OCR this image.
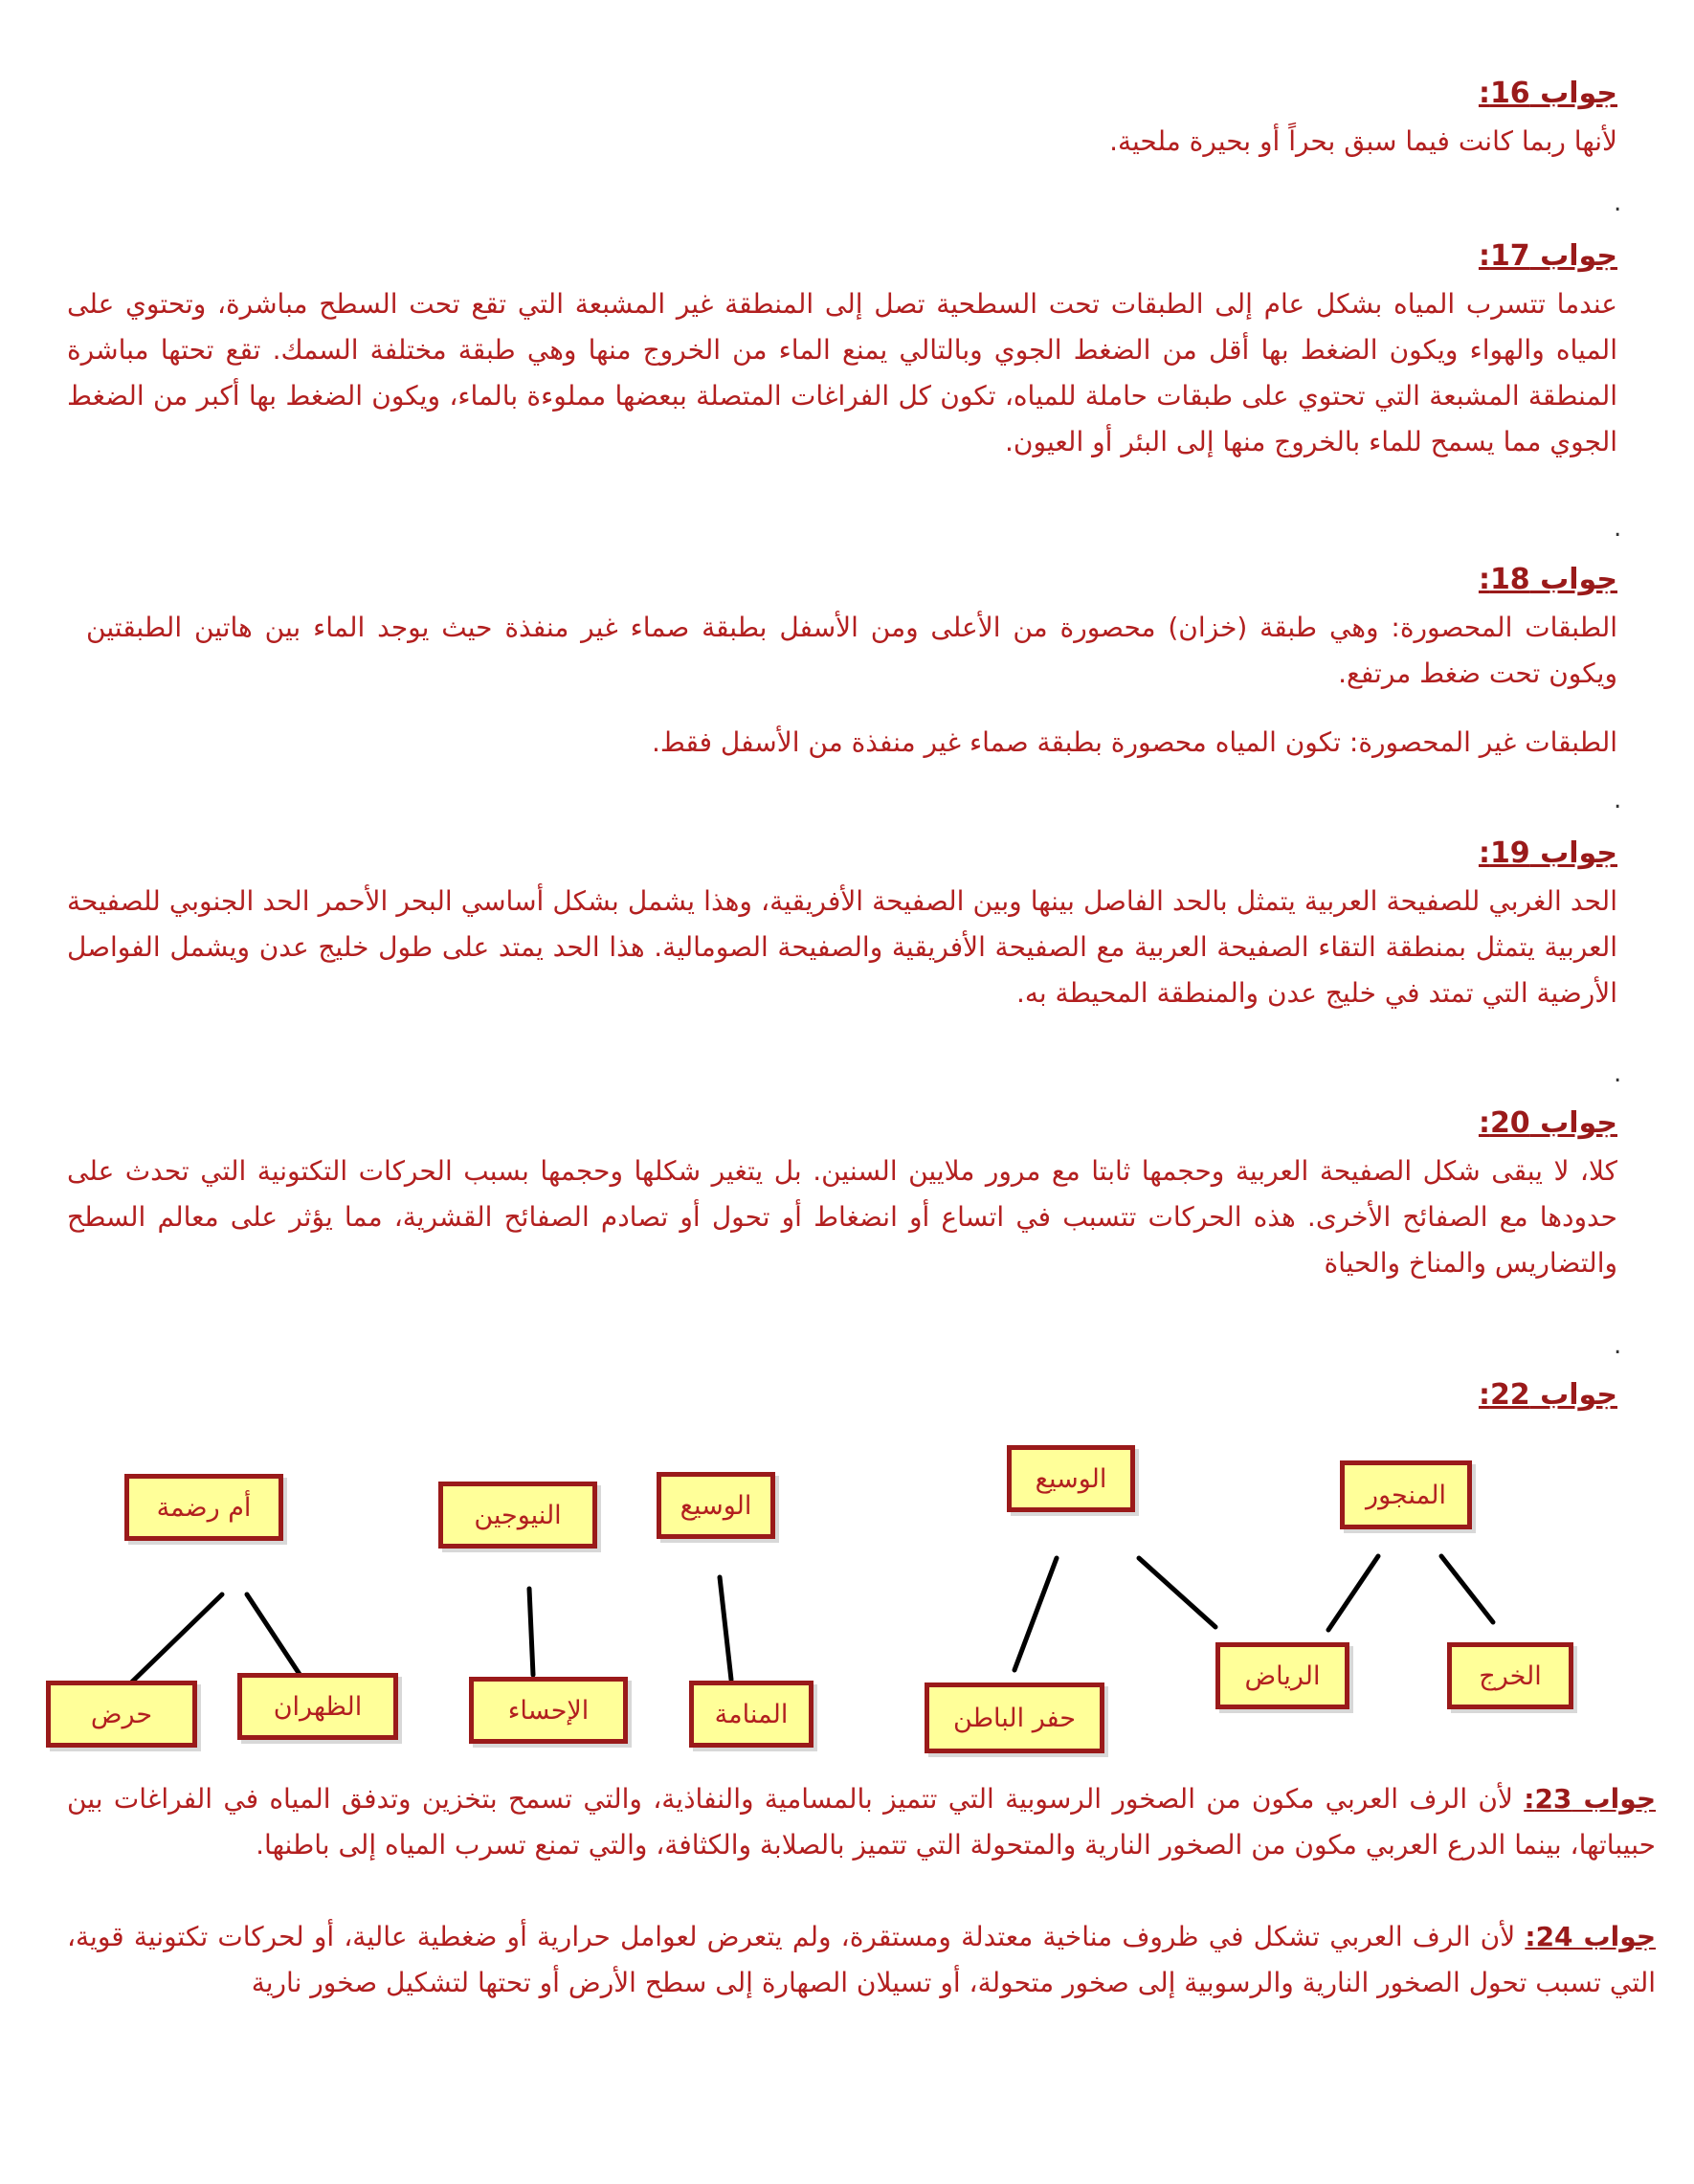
جواب 16:
لأنها ربما كانت فيما سبق بحراً أو بحيرة ملحية.
.
جواب 17:
عندما تتسرب المياه بشكل عام إلى الطبقات تحت السطحية تصل إلى المنطقة غير المشبعة التي تقع تحت السطح مباشرة، وتحتوي على المياه والهواء ويكون الضغط بها أقل من الضغط الجوي وبالتالي يمنع الماء من الخروج منها وهي طبقة مختلفة السمك. تقع تحتها مباشرة المنطقة المشبعة التي تحتوي على طبقات حاملة للمياه، تكون كل الفراغات المتصلة ببعضها مملوءة بالماء، ويكون الضغط بها أكبر من الضغط الجوي مما يسمح للماء بالخروج منها إلى البئر أو العيون.
.
جواب 18:
الطبقات المحصورة: وهي طبقة (خزان) محصورة من الأعلى ومن الأسفل بطبقة صماء غير منفذة حيث يوجد الماء بين هاتين الطبقتين ويكون تحت ضغط مرتفع.
الطبقات غير المحصورة: تكون المياه محصورة بطبقة صماء غير منفذة من الأسفل فقط.
.
جواب 19:
الحد الغربي للصفيحة العربية يتمثل بالحد الفاصل بينها وبين الصفيحة الأفريقية، وهذا يشمل بشكل أساسي البحر الأحمر الحد الجنوبي للصفيحة العربية يتمثل بمنطقة التقاء الصفيحة العربية مع الصفيحة الأفريقية والصفيحة الصومالية. هذا الحد يمتد على طول خليج عدن ويشمل الفواصل الأرضية التي تمتد في خليج عدن والمنطقة المحيطة به.
.
جواب 20:
كلا، لا يبقى شكل الصفيحة العربية وحجمها ثابتا مع مرور ملايين السنين. بل يتغير شكلها وحجمها بسبب الحركات التكتونية التي تحدث على حدودها مع الصفائح الأخرى. هذه الحركات تتسبب في اتساع أو انضغاط أو تحول أو تصادم الصفائح القشرية، مما يؤثر على معالم السطح والتضاريس والمناخ والحياة
.
جواب 22:
أم رضمة
حرض	الظهران
النيوجين
الإحساء
الوسيع
المنامة
الوسيع
حفر الباطن
الرياض
المنجور
الخرج
جواب 23: لأن الرف العربي مكون من الصخور الرسوبية التي تتميز بالمسامية والنفاذية، والتي تسمح بتخزين وتدفق المياه في الفراغات بين حبيباتها، بينما الدرع العربي مكون من الصخور النارية والمتحولة التي تتميز بالصلابة والكثافة، والتي تمنع تسرب المياه إلى باطنها.
جواب 24: لأن الرف العربي تشكل في ظروف مناخية معتدلة ومستقرة، ولم يتعرض لعوامل حرارية أو ضغطية عالية، أو لحركات تكتونية قوية، التي تسبب تحول الصخور النارية والرسوبية إلى صخور متحولة، أو تسيلان الصهارة إلى سطح الأرض أو تحتها لتشكيل صخور نارية
